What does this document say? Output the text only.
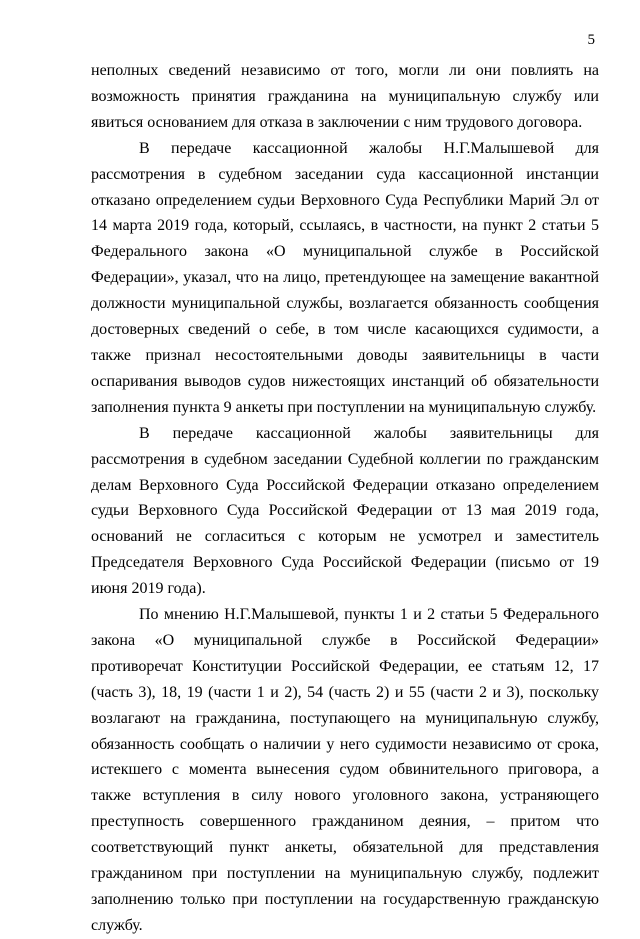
5

неполных сведений независимо от того, могли ли они повлиять на возможность принятия гражданина на муниципальную службу или явиться основанием для отказа в заключении с ним трудового договора.

В передаче кассационной жалобы Н.Г.Малышевой для рассмотрения в судебном заседании суда кассационной инстанции отказано определением судьи Верховного Суда Республики Марий Эл от 14 марта 2019 года, который, ссылаясь, в частности, на пункт 2 статьи 5 Федерального закона «О муниципальной службе в Российской Федерации», указал, что на лицо, претендующее на замещение вакантной должности муниципальной службы, возлагается обязанность сообщения достоверных сведений о себе, в том числе касающихся судимости, а также признал несостоятельными доводы заявительницы в части оспаривания выводов судов нижестоящих инстанций об обязательности заполнения пункта 9 анкеты при поступлении на муниципальную службу.

В передаче кассационной жалобы заявительницы для рассмотрения в судебном заседании Судебной коллегии по гражданским делам Верховного Суда Российской Федерации отказано определением судьи Верховного Суда Российской Федерации от 13 мая 2019 года, оснований не согласиться с которым не усмотрел и заместитель Председателя Верховного Суда Российской Федерации (письмо от 19 июня 2019 года).

По мнению Н.Г.Малышевой, пункты 1 и 2 статьи 5 Федерального закона «О муниципальной службе в Российской Федерации» противоречат Конституции Российской Федерации, ее статьям 12, 17 (часть 3), 18, 19 (части 1 и 2), 54 (часть 2) и 55 (части 2 и 3), поскольку возлагают на гражданина, поступающего на муниципальную службу, обязанность сообщать о наличии у него судимости независимо от срока, истекшего с момента вынесения судом обвинительного приговора, а также вступления в силу нового уголовного закона, устраняющего преступность совершенного гражданином деяния, – притом что соответствующий пункт анкеты, обязательной для представления гражданином при поступлении на муниципальную службу, подлежит заполнению только при поступлении на государственную гражданскую службу.
